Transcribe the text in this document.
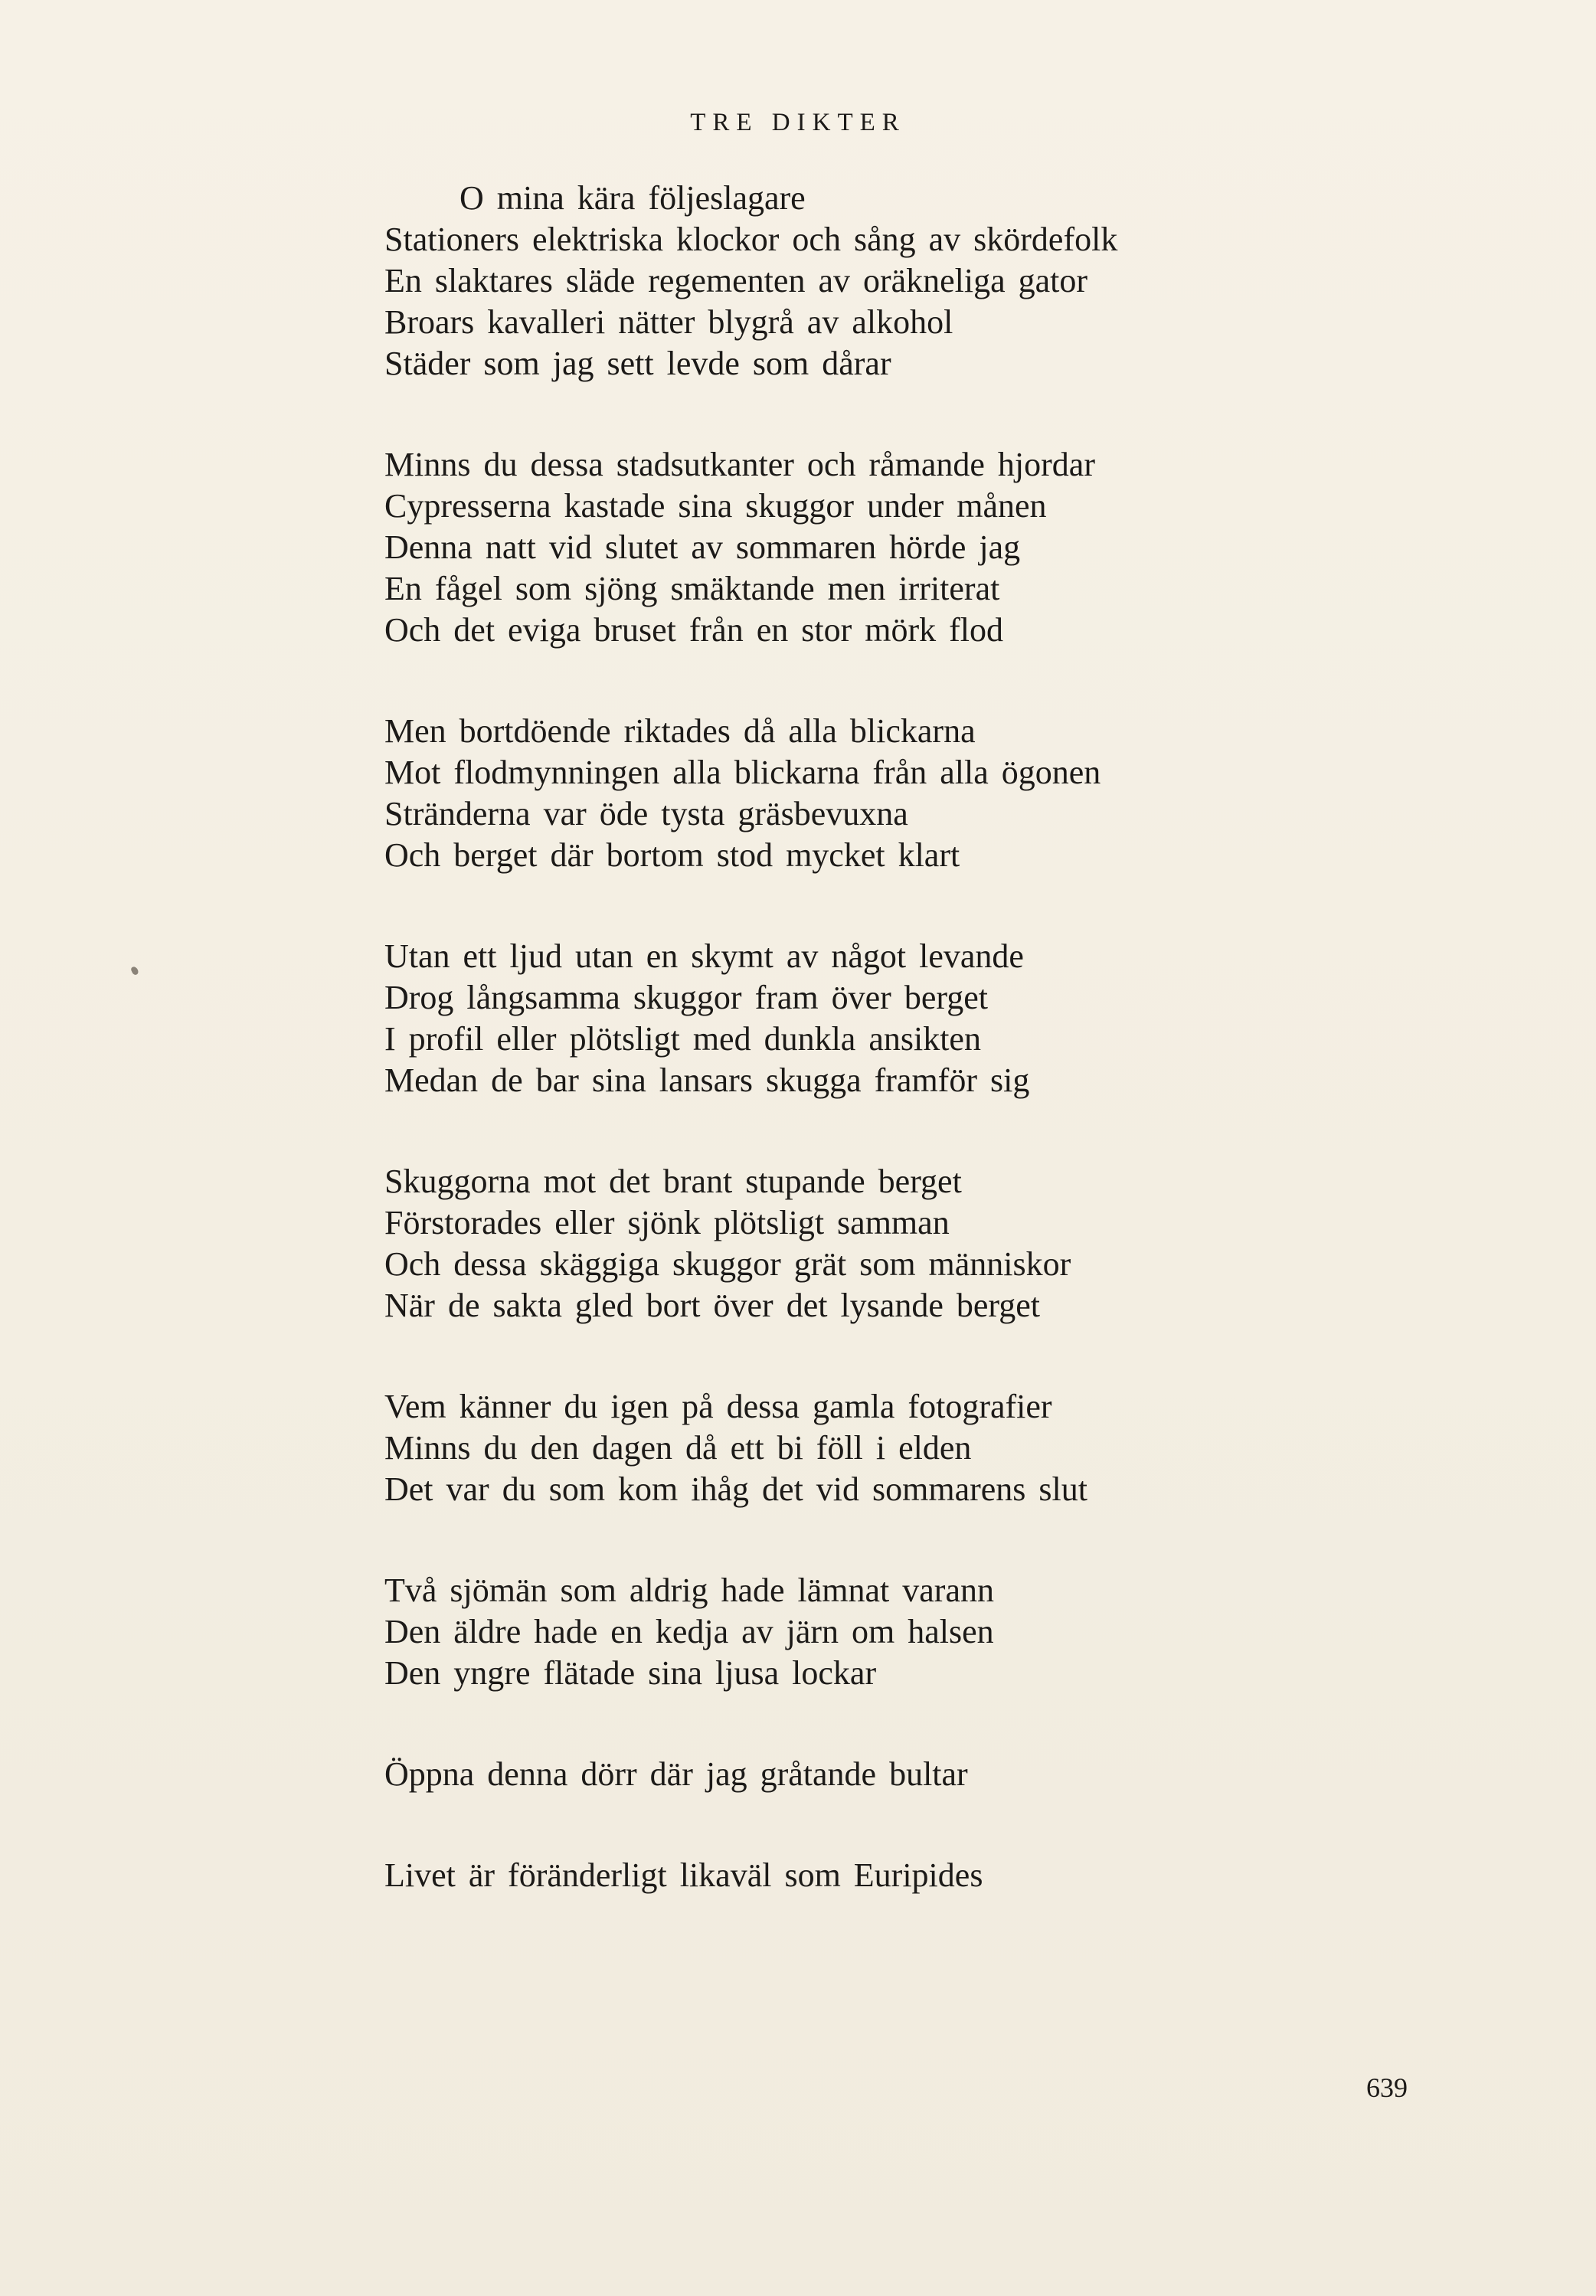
TRE DIKTER
O mina kära följeslagare
Stationers elektriska klockor och sång av skördefolk
En slaktares släde regementen av oräkneliga gator
Broars kavalleri nätter blygrå av alkohol
Städer som jag sett levde som dårar
Minns du dessa stadsutkanter och råmande hjordar
Cypresserna kastade sina skuggor under månen
Denna natt vid slutet av sommaren hörde jag
En fågel som sjöng smäktande men irriterat
Och det eviga bruset från en stor mörk flod
Men bortdöende riktades då alla blickarna
Mot flodmynningen alla blickarna från alla ögonen
Stränderna var öde tysta gräsbevuxna
Och berget där bortom stod mycket klart
Utan ett ljud utan en skymt av något levande
Drog långsamma skuggor fram över berget
I profil eller plötsligt med dunkla ansikten
Medan de bar sina lansars skugga framför sig
Skuggorna mot det brant stupande berget
Förstorades eller sjönk plötsligt samman
Och dessa skäggiga skuggor grät som människor
När de sakta gled bort över det lysande berget
Vem känner du igen på dessa gamla fotografier
Minns du den dagen då ett bi föll i elden
Det var du som kom ihåg det vid sommarens slut
Två sjömän som aldrig hade lämnat varann
Den äldre hade en kedja av järn om halsen
Den yngre flätade sina ljusa lockar
Öppna denna dörr där jag gråtande bultar
Livet är föränderligt likaväl som Euripides
639
